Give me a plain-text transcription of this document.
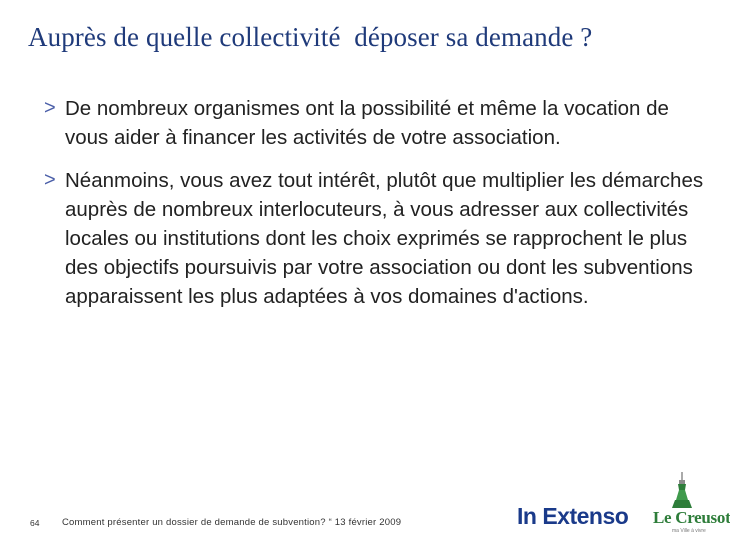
Auprès de quelle collectivité  déposer sa demande ?
> De nombreux organismes ont la possibilité et même la vocation de vous aider à financer les activités de votre association.
> Néanmoins, vous avez tout intérêt, plutôt que multiplier les démarches auprès de nombreux interlocuteurs, à vous adresser aux collectivités locales ou institutions dont les choix exprimés se rapprochent le plus des objectifs poursuivis par votre association ou dont les subventions apparaissent les plus adaptées à vos domaines d'actions.
64 Comment présenter un dossier de demande de subvention? “ 13 février 2009	In Extenso Le Creusot
ma Ville à vivre
